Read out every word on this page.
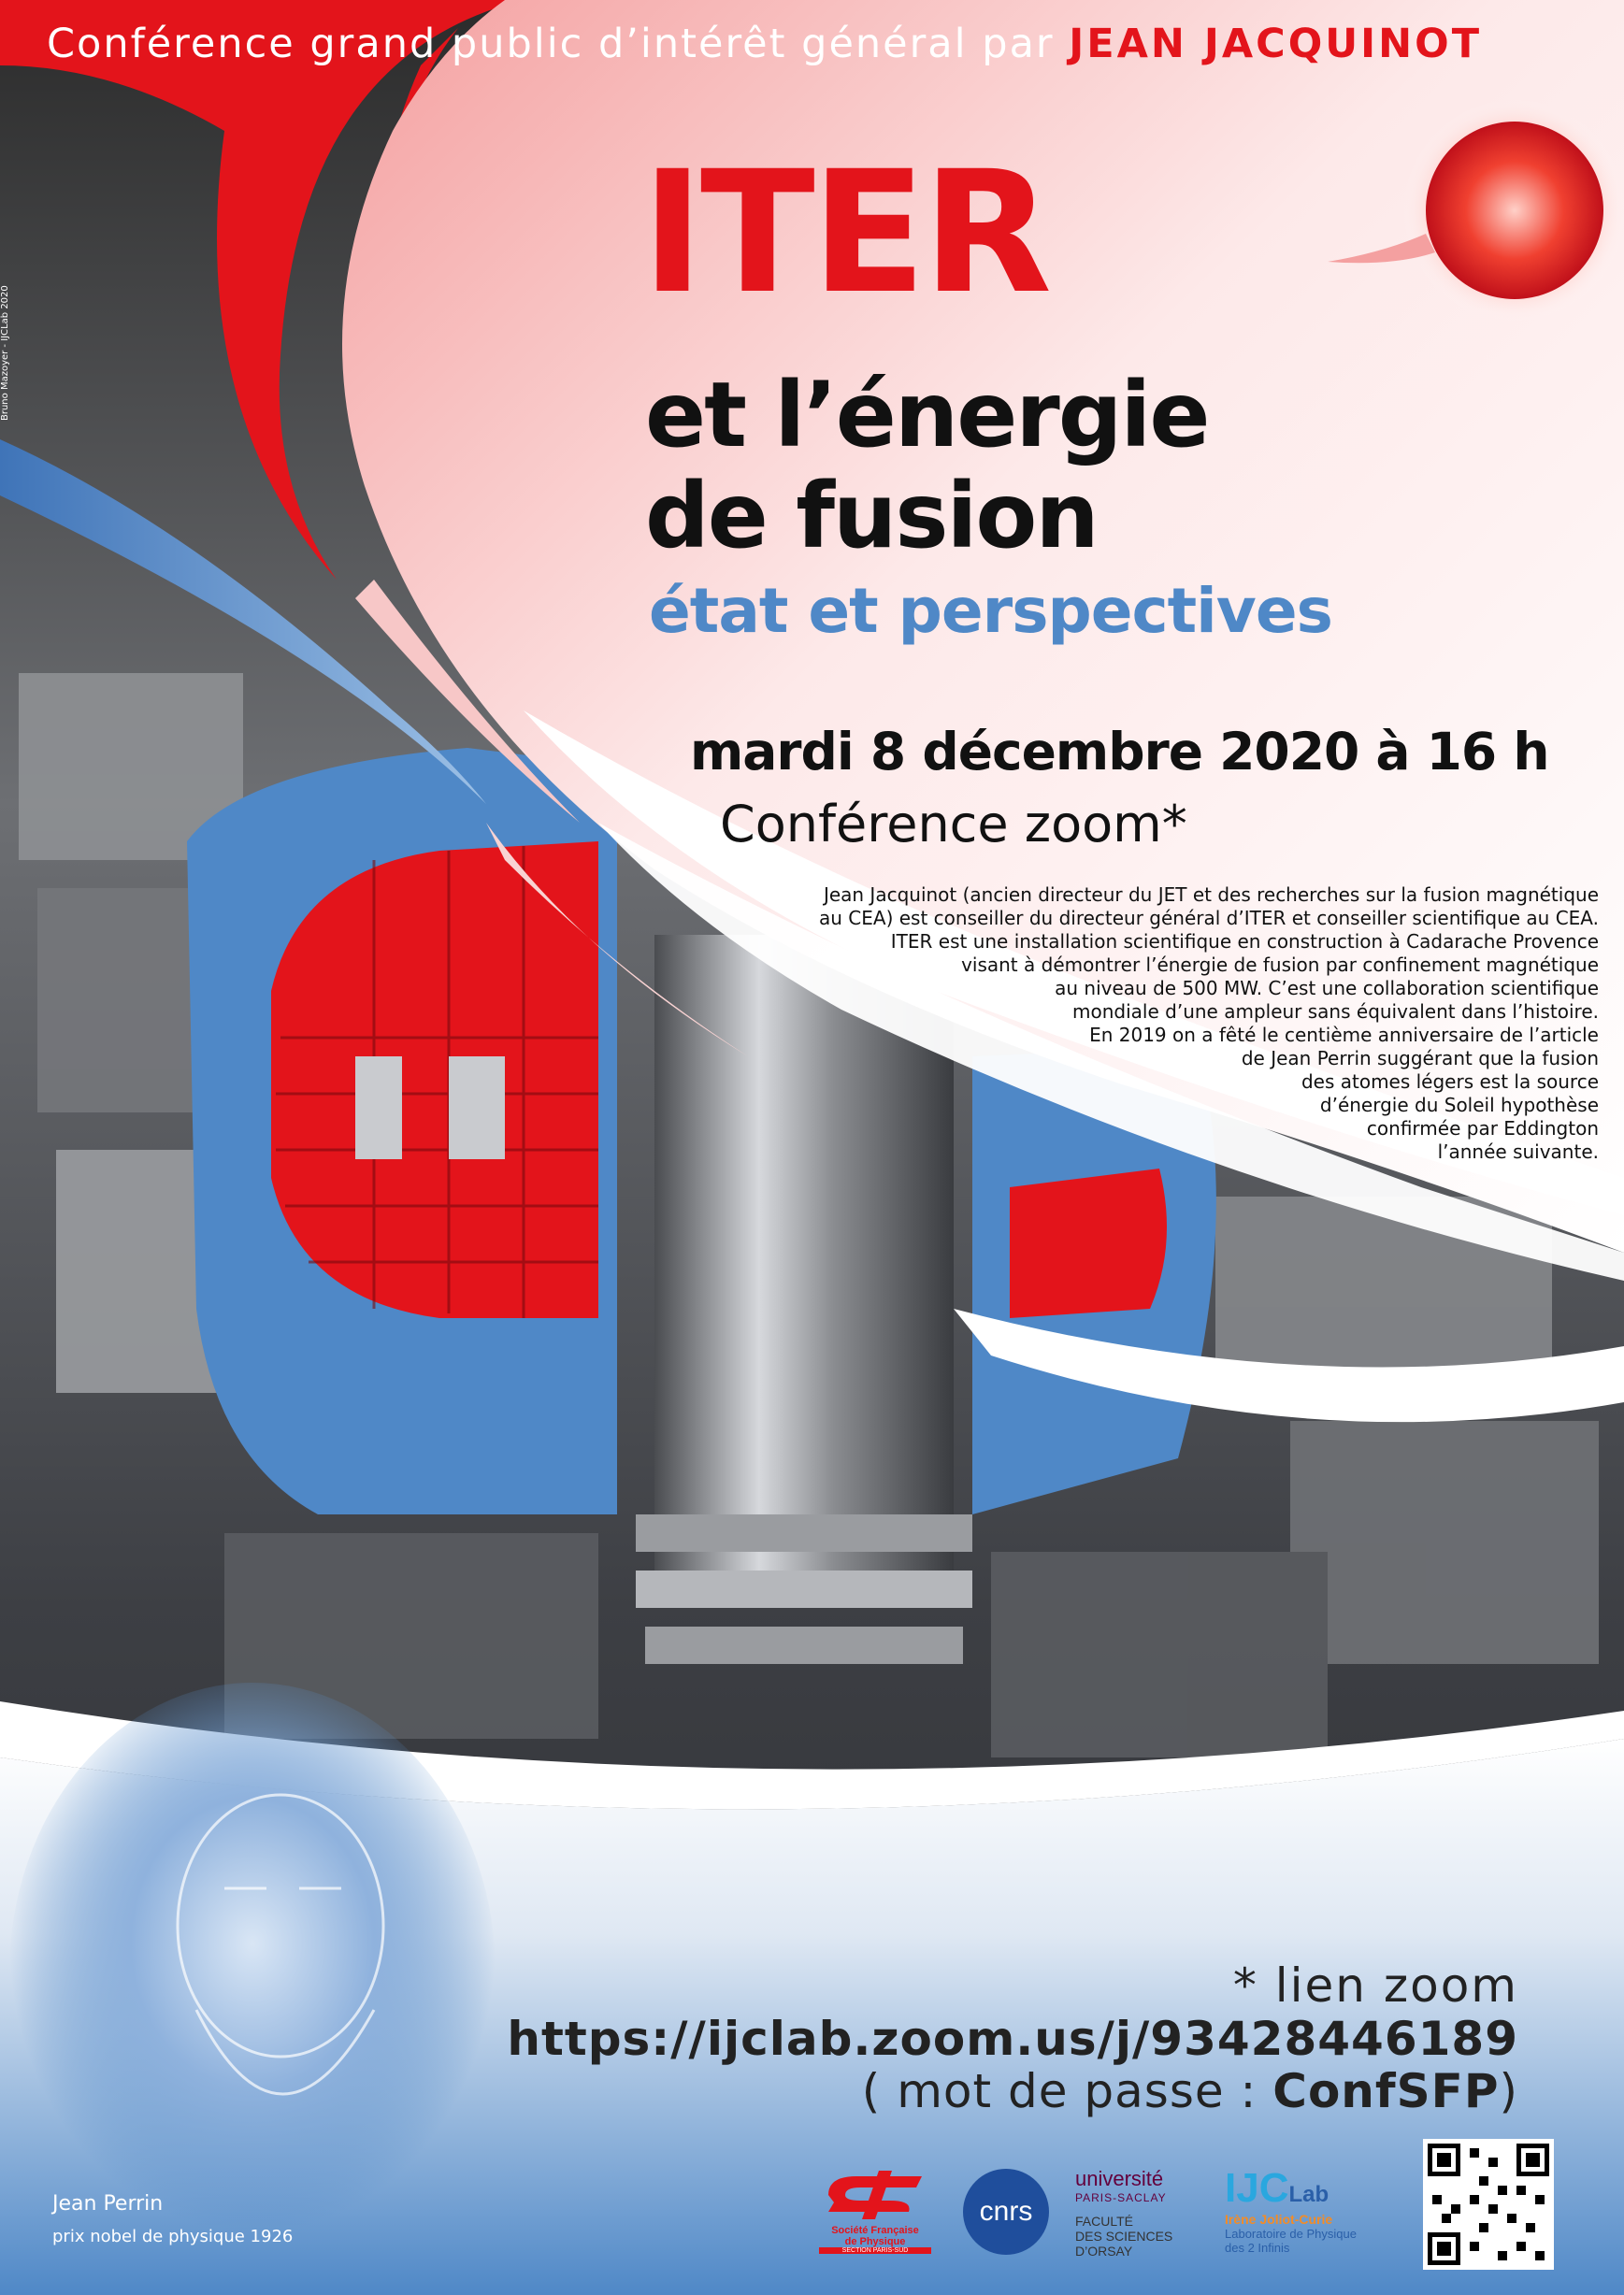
Conférence grand public d’intérêt général par JEAN JACQUINOT
Bruno Mazoyer - IJCLab 2020
ITER
et l’énergie
de fusion
état et perspectives
mardi 8 décembre 2020 à 16 h
Conférence zoom*
Jean Jacquinot (ancien directeur du JET et des recherches sur la fusion magnétique
au CEA) est conseiller du directeur général d’ITER et conseiller scientifique au CEA.
ITER est une installation scientifique en construction à Cadarache Provence
visant à démontrer l’énergie de fusion par confinement magnétique
au niveau de 500 MW. C’est une collaboration scientifique
mondiale d’une ampleur sans équivalent dans l’histoire.
En 2019 on a fêté le centième anniversaire de l’article
de Jean Perrin suggérant que la fusion
des atomes légers est la source
d’énergie du Soleil hypothèse
confirmée par Eddington
l’année suivante.
* lien zoom
https://ijclab.zoom.us/j/93428446189
( mot de passe : ConfSFP)
Jean Perrin
prix nobel de physique 1926	Société Française
de Physique
SECTION PARIS-SUD
cnrs
université
PARIS-SACLAY
FACULTÉ
DES SCIENCES
D’ORSAY
IJCLab
Irène Joliot-Curie
Laboratoire de Physique
des 2 Infinis
